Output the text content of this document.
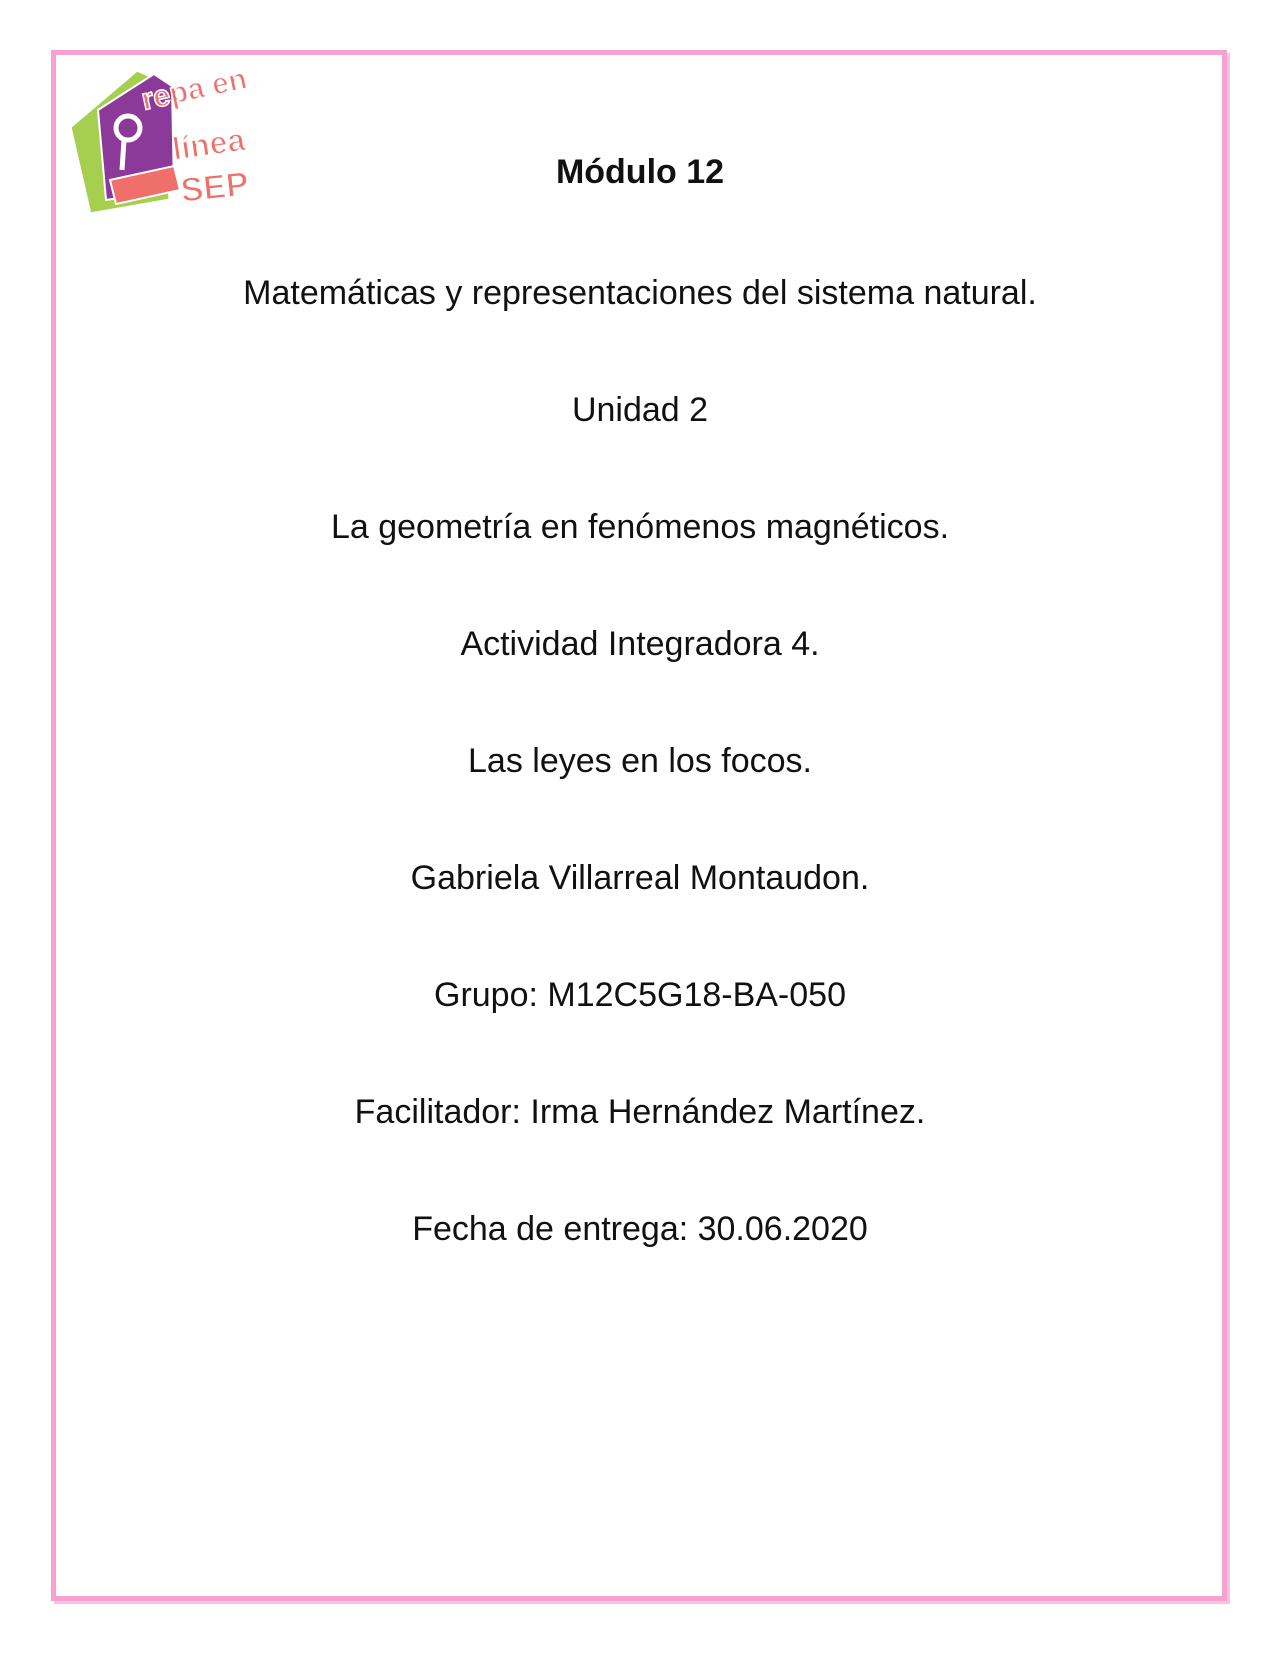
repa en
línea
SEP	Módulo 12
Matemáticas y representaciones del sistema natural.
Unidad 2
La geometría en fenómenos magnéticos.
Actividad Integradora 4.
Las leyes en los focos.
Gabriela Villarreal Montaudon.
Grupo: M12C5G18-BA-050
Facilitador: Irma Hernández Martínez.
Fecha de entrega: 30.06.2020
